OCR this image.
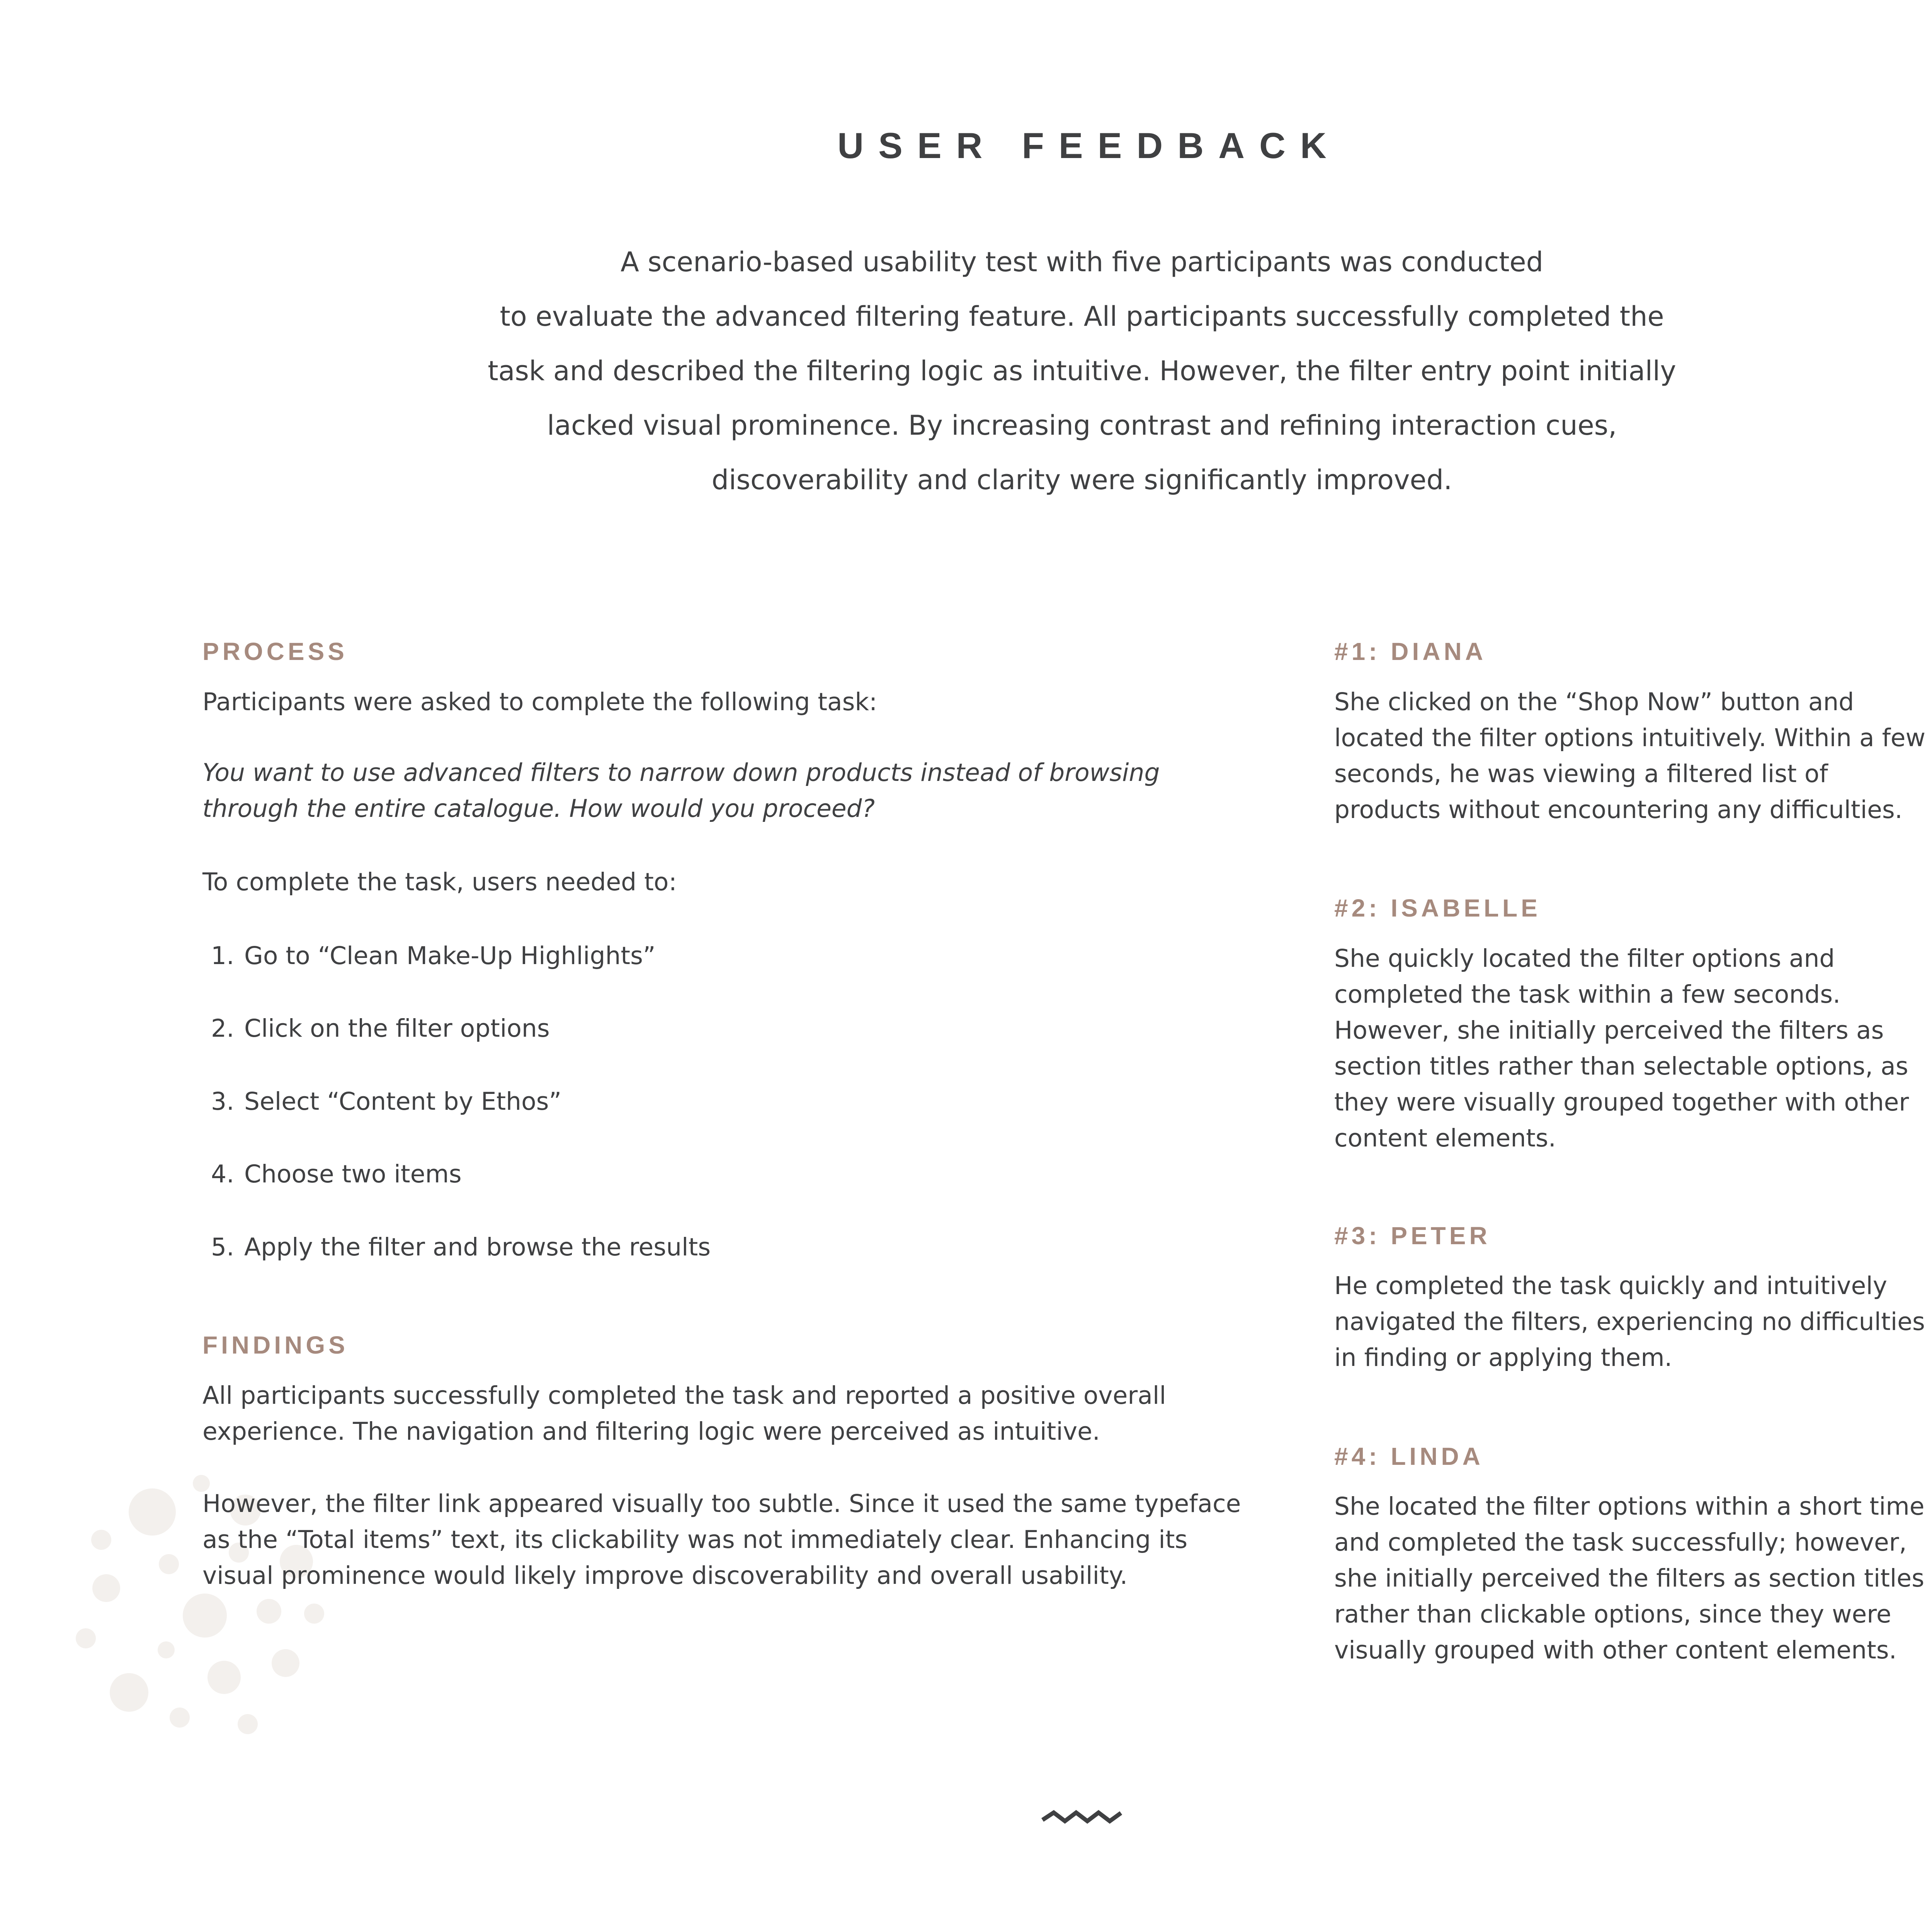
USER FEEDBACK
A scenario-based usability test with five participants was conducted
to evaluate the advanced filtering feature. All participants successfully completed the
task and described the filtering logic as intuitive. However, the filter entry point initially
lacked visual prominence. By increasing contrast and refining interaction cues,
discoverability and clarity were significantly improved.
PROCESS
Participants were asked to complete the following task:
You want to use advanced filters to narrow down products instead of browsing
through the entire catalogue. How would you proceed?
To complete the task, users needed to:
1. Go to “Clean Make-Up Highlights”
2. Click on the filter options
3. Select “Content by Ethos”
4. Choose two items
5. Apply the filter and browse the results
FINDINGS
All participants successfully completed the task and reported a positive overall
experience. The navigation and filtering logic were perceived as intuitive.
However, the filter link appeared visually too subtle. Since it used the same typeface
as the “Total items” text, its clickability was not immediately clear. Enhancing its
visual prominence would likely improve discoverability and overall usability.
#1: DIANA
She clicked on the “Shop Now” button and
located the filter options intuitively. Within a few
seconds, he was viewing a filtered list of
products without encountering any difficulties.
#2: ISABELLE
She quickly located the filter options and
completed the task within a few seconds.
However, she initially perceived the filters as
section titles rather than selectable options, as
they were visually grouped together with other
content elements.
#3: PETER
He completed the task quickly and intuitively
navigated the filters, experiencing no difficulties
in finding or applying them.
#4: LINDA
She located the filter options within a short time
and completed the task successfully; however,
she initially perceived the filters as section titles
rather than clickable options, since they were
visually grouped with other content elements.
